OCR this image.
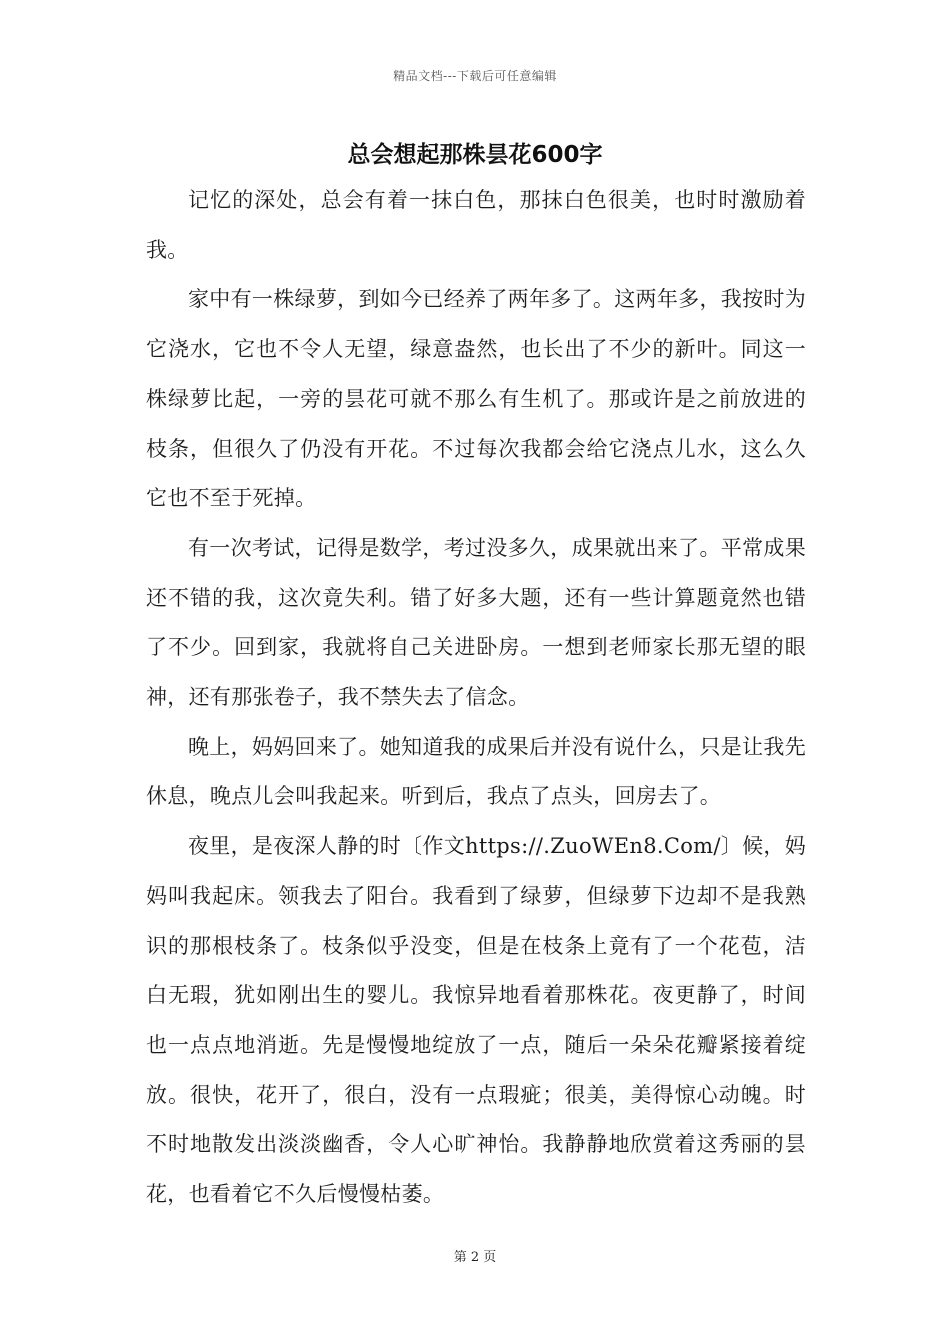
精品文档---下载后可任意编辑
总会想起那株昙花600字

记忆的深处，总会有着一抹白色，那抹白色很美，也时时激励着我。

家中有一株绿萝，到如今已经养了两年多了。这两年多，我按时为它浇水，它也不令人无望，绿意盎然，也长出了不少的新叶。同这一株绿萝比起，一旁的昙花可就不那么有生机了。那或许是之前放进的枝条，但很久了仍没有开花。不过每次我都会给它浇点儿水，这么久它也不至于死掉。

有一次考试，记得是数学，考过没多久，成果就出来了。平常成果还不错的我，这次竟失利。错了好多大题，还有一些计算题竟然也错了不少。回到家，我就将自己关进卧房。一想到老师家长那无望的眼神，还有那张卷子，我不禁失去了信念。

晚上，妈妈回来了。她知道我的成果后并没有说什么，只是让我先休息，晚点儿会叫我起来。听到后，我点了点头，回房去了。

夜里，是夜深人静的时〔作文https://.ZuoWEn8.Com/〕候，妈妈叫我起床。领我去了阳台。我看到了绿萝，但绿萝下边却不是我熟识的那根枝条了。枝条似乎没变，但是在枝条上竟有了一个花苞，洁白无瑕，犹如刚出生的婴儿。我惊异地看着那株花。夜更静了，时间也一点点地消逝。先是慢慢地绽放了一点，随后一朵朵花瓣紧接着绽放。很快，花开了，很白，没有一点瑕疵；很美，美得惊心动魄。时不时地散发出淡淡幽香，令人心旷神怡。我静静地欣赏着这秀丽的昙花，也看着它不久后慢慢枯萎。

第 2 页
